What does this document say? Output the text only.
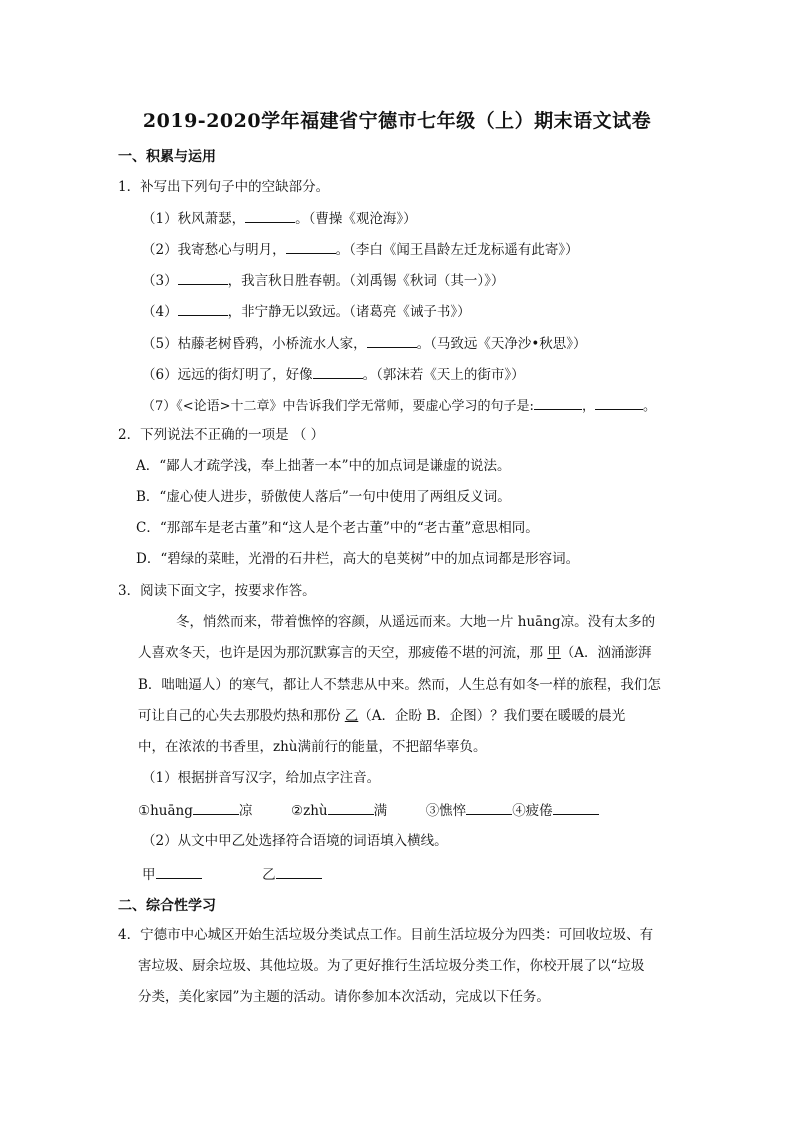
2019-2020学年福建省宁德市七年级（上）期末语文试卷
一、积累与运用
1．补写出下列句子中的空缺部分。
（1）秋风萧瑟，	。（曹操《观沧海》）
（2）我寄愁心与明月，	。（李白《闻王昌龄左迁龙标遥有此寄》）
（3）	，我言秋日胜春朝。（刘禹锡《秋词（其一）》）
（4）	，非宁静无以致远。（诸葛亮《诫子书》）
（5）枯藤老树昏鸦，小桥流水人家，	。（马致远《天净沙•秋思》）
（6）远远的街灯明了，好像	。（郭沫若《天上的街市》）
（7）《<论语>十二章》中告诉我们学无常师，要虚心学习的句子是:	，	。
2．下列说法不正确的一项是 （ ）
A．“鄙人才疏学浅，奉上拙著一本”中的加点词是谦虚的说法。
B．“虚心使人进步，骄傲使人落后”一句中使用了两组反义词。
C．“那部车是老古董”和“这人是个老古董”中的“老古董”意思相同。
D．“碧绿的菜畦，光滑的石井栏，高大的皂荚树”中的加点词都是形容词。
3．阅读下面文字，按要求作答。
冬，悄然而来，带着憔悴的容颜，从遥远而来。大地一片 huāng凉。没有太多的
人喜欢冬天，也许是因为那沉默寡言的天空，那疲倦不堪的河流，那 甲（A．汹涌澎湃
B．咄咄逼人）的寒气，都让人不禁悲从中来。然而，人生总有如冬一样的旅程，我们怎
可让自己的心失去那股灼热和那份 乙（A．企盼 B．企图）？我们要在暖暖的晨光
中，在浓浓的书香里，zhù满前行的能量，不把韶华辜负。
（1）根据拼音写汉字，给加点字注音。
①huāng	凉	②zhù	满	③憔悴	④疲倦
（2）从文中甲乙处选择符合语境的词语填入横线。
甲	乙
二、综合性学习
4．宁德市中心城区开始生活垃圾分类试点工作。目前生活垃圾分为四类：可回收垃圾、有
害垃圾、厨余垃圾、其他垃圾。为了更好推行生活垃圾分类工作，你校开展了以“垃圾
分类，美化家园”为主题的活动。请你参加本次活动，完成以下任务。
